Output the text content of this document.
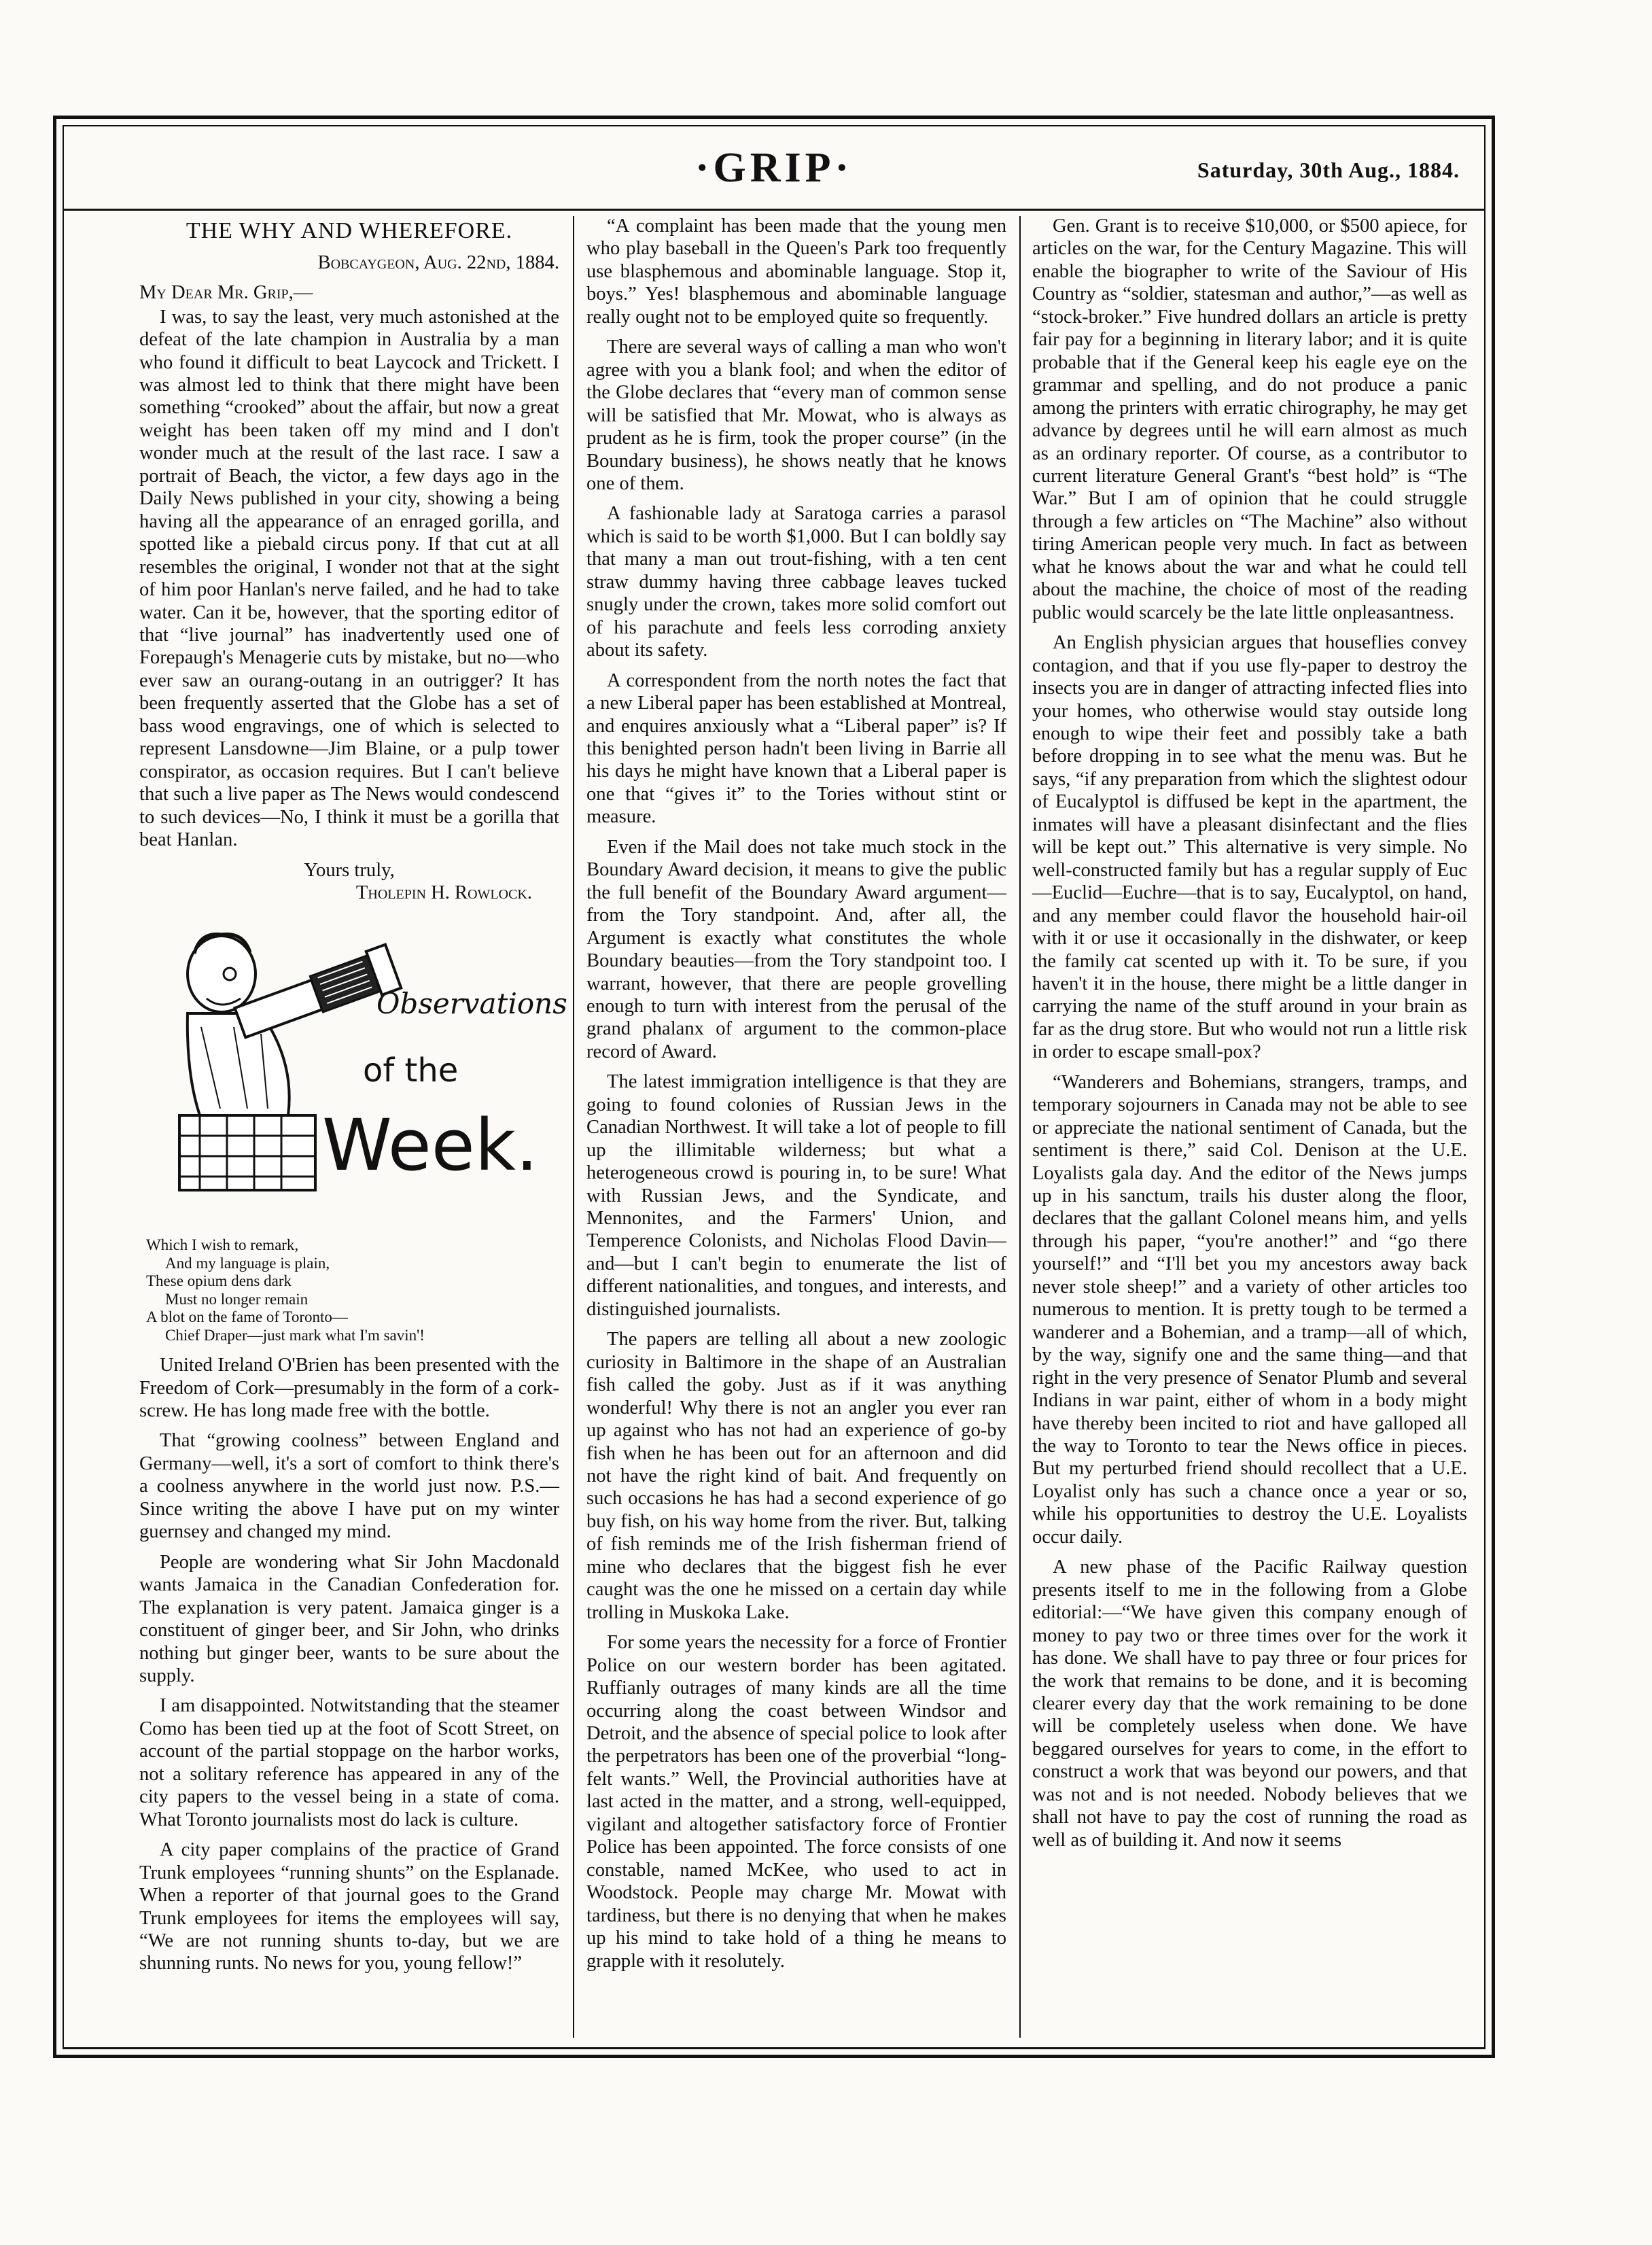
·GRIP·	Saturday, 30th Aug., 1884.
THE WHY AND WHEREFORE.

Bobcaygeon, Aug. 22nd, 1884.

My Dear Mr. Grip,—

I was, to say the least, very much astonished at the defeat of the late champion in Australia by a man who found it difficult to beat Laycock and Trickett. I was almost led to think that there might have been something “crooked” about the affair, but now a great weight has been taken off my mind and I don't wonder much at the result of the last race. I saw a portrait of Beach, the victor, a few days ago in the Daily News published in your city, showing a being having all the appearance of an enraged gorilla, and spotted like a piebald circus pony. If that cut at all resembles the original, I wonder not that at the sight of him poor Hanlan's nerve failed, and he had to take water. Can it be, however, that the sporting editor of that “live journal” has inadvertently used one of Forepaugh's Menagerie cuts by mistake, but no—who ever saw an ourang-outang in an outrigger? It has been frequently asserted that the Globe has a set of bass wood engravings, one of which is selected to represent Lansdowne—Jim Blaine, or a pulp tower conspirator, as occasion requires. But I can't believe that such a live paper as The News would condescend to such devices—No, I think it must be a gorilla that beat Hanlan.

Yours truly,

Tholepin H. Rowlock.

Observations
of the
Week.
Which I wish to remark,
And my language is plain,
These opium dens dark
Must no longer remain
A blot on the fame of Toronto—
Chief Draper—just mark what I'm savin'!

United Ireland O'Brien has been presented with the Freedom of Cork—presumably in the form of a cork-screw. He has long made free with the bottle.

That “growing coolness” between England and Germany—well, it's a sort of comfort to think there's a coolness anywhere in the world just now. P.S.—Since writing the above I have put on my winter guernsey and changed my mind.

People are wondering what Sir John Macdonald wants Jamaica in the Canadian Confederation for. The explanation is very patent. Jamaica ginger is a constituent of ginger beer, and Sir John, who drinks nothing but ginger beer, wants to be sure about the supply.

I am disappointed. Notwitstanding that the steamer Como has been tied up at the foot of Scott Street, on account of the partial stoppage on the harbor works, not a solitary reference has appeared in any of the city papers to the vessel being in a state of coma. What Toronto journalists most do lack is culture.

A city paper complains of the practice of Grand Trunk employees “running shunts” on the Esplanade. When a reporter of that journal goes to the Grand Trunk employees for items the employees will say, “We are not running shunts to-day, but we are shunning runts. No news for you, young fellow!”

“A complaint has been made that the young men who play baseball in the Queen's Park too frequently use blasphemous and abominable language. Stop it, boys.” Yes! blasphemous and abominable language really ought not to be employed quite so frequently.

There are several ways of calling a man who won't agree with you a blank fool; and when the editor of the Globe declares that “every man of common sense will be satisfied that Mr. Mowat, who is always as prudent as he is firm, took the proper course” (in the Boundary business), he shows neatly that he knows one of them.

A fashionable lady at Saratoga carries a parasol which is said to be worth $1,000. But I can boldly say that many a man out trout-fishing, with a ten cent straw dummy having three cabbage leaves tucked snugly under the crown, takes more solid comfort out of his parachute and feels less corroding anxiety about its safety.

A correspondent from the north notes the fact that a new Liberal paper has been established at Montreal, and enquires anxiously what a “Liberal paper” is? If this benighted person hadn't been living in Barrie all his days he might have known that a Liberal paper is one that “gives it” to the Tories without stint or measure.

Even if the Mail does not take much stock in the Boundary Award decision, it means to give the public the full benefit of the Boundary Award argument—from the Tory standpoint. And, after all, the Argument is exactly what constitutes the whole Boundary beauties—from the Tory standpoint too. I warrant, however, that there are people grovelling enough to turn with interest from the perusal of the grand phalanx of argument to the common-place record of Award.

The latest immigration intelligence is that they are going to found colonies of Russian Jews in the Canadian Northwest. It will take a lot of people to fill up the illimitable wilderness; but what a heterogeneous crowd is pouring in, to be sure! What with Russian Jews, and the Syndicate, and Mennonites, and the Farmers' Union, and Temperence Colonists, and Nicholas Flood Davin—and—but I can't begin to enumerate the list of different nationalities, and tongues, and interests, and distinguished journalists.

The papers are telling all about a new zoologic curiosity in Baltimore in the shape of an Australian fish called the goby. Just as if it was anything wonderful! Why there is not an angler you ever ran up against who has not had an experience of go-by fish when he has been out for an afternoon and did not have the right kind of bait. And frequently on such occasions he has had a second experience of go buy fish, on his way home from the river. But, talking of fish reminds me of the Irish fisherman friend of mine who declares that the biggest fish he ever caught was the one he missed on a certain day while trolling in Muskoka Lake.

For some years the necessity for a force of Frontier Police on our western border has been agitated. Ruffianly outrages of many kinds are all the time occurring along the coast between Windsor and Detroit, and the absence of special police to look after the perpetrators has been one of the proverbial “long-felt wants.” Well, the Provincial authorities have at last acted in the matter, and a strong, well-equipped, vigilant and altogether satisfactory force of Frontier Police has been appointed. The force consists of one constable, named McKee, who used to act in Woodstock. People may charge Mr. Mowat with tardiness, but there is no denying that when he makes up his mind to take hold of a thing he means to grapple with it resolutely.

Gen. Grant is to receive $10,000, or $500 apiece, for articles on the war, for the Century Magazine. This will enable the biographer to write of the Saviour of His Country as “soldier, statesman and author,”—as well as “stock-broker.” Five hundred dollars an article is pretty fair pay for a beginning in literary labor; and it is quite probable that if the General keep his eagle eye on the grammar and spelling, and do not produce a panic among the printers with erratic chirography, he may get advance by degrees until he will earn almost as much as an ordinary reporter. Of course, as a contributor to current literature General Grant's “best hold” is “The War.” But I am of opinion that he could struggle through a few articles on “The Machine” also without tiring American people very much. In fact as between what he knows about the war and what he could tell about the machine, the choice of most of the reading public would scarcely be the late little onpleasantness.

An English physician argues that houseflies convey contagion, and that if you use fly-paper to destroy the insects you are in danger of attracting infected flies into your homes, who otherwise would stay outside long enough to wipe their feet and possibly take a bath before dropping in to see what the menu was. But he says, “if any preparation from which the slightest odour of Eucalyptol is diffused be kept in the apartment, the inmates will have a pleasant disinfectant and the flies will be kept out.” This alternative is very simple. No well-constructed family but has a regular supply of Euc—Euclid—Euchre—that is to say, Eucalyptol, on hand, and any member could flavor the household hair-oil with it or use it occasionally in the dishwater, or keep the family cat scented up with it. To be sure, if you haven't it in the house, there might be a little danger in carrying the name of the stuff around in your brain as far as the drug store. But who would not run a little risk in order to escape small-pox?

“Wanderers and Bohemians, strangers, tramps, and temporary sojourners in Canada may not be able to see or appreciate the national sentiment of Canada, but the sentiment is there,” said Col. Denison at the U.E. Loyalists gala day. And the editor of the News jumps up in his sanctum, trails his duster along the floor, declares that the gallant Colonel means him, and yells through his paper, “you're another!” and “go there yourself!” and “I'll bet you my ancestors away back never stole sheep!” and a variety of other articles too numerous to mention. It is pretty tough to be termed a wanderer and a Bohemian, and a tramp—all of which, by the way, signify one and the same thing—and that right in the very presence of Senator Plumb and several Indians in war paint, either of whom in a body might have thereby been incited to riot and have galloped all the way to Toronto to tear the News office in pieces. But my perturbed friend should recollect that a U.E. Loyalist only has such a chance once a year or so, while his opportunities to destroy the U.E. Loyalists occur daily.

A new phase of the Pacific Railway question presents itself to me in the following from a Globe editorial:—“We have given this company enough of money to pay two or three times over for the work it has done. We shall have to pay three or four prices for the work that remains to be done, and it is becoming clearer every day that the work remaining to be done will be completely useless when done. We have beggared ourselves for years to come, in the effort to construct a work that was beyond our powers, and that was not and is not needed. Nobody believes that we shall not have to pay the cost of running the road as well as of building it. And now it seems
